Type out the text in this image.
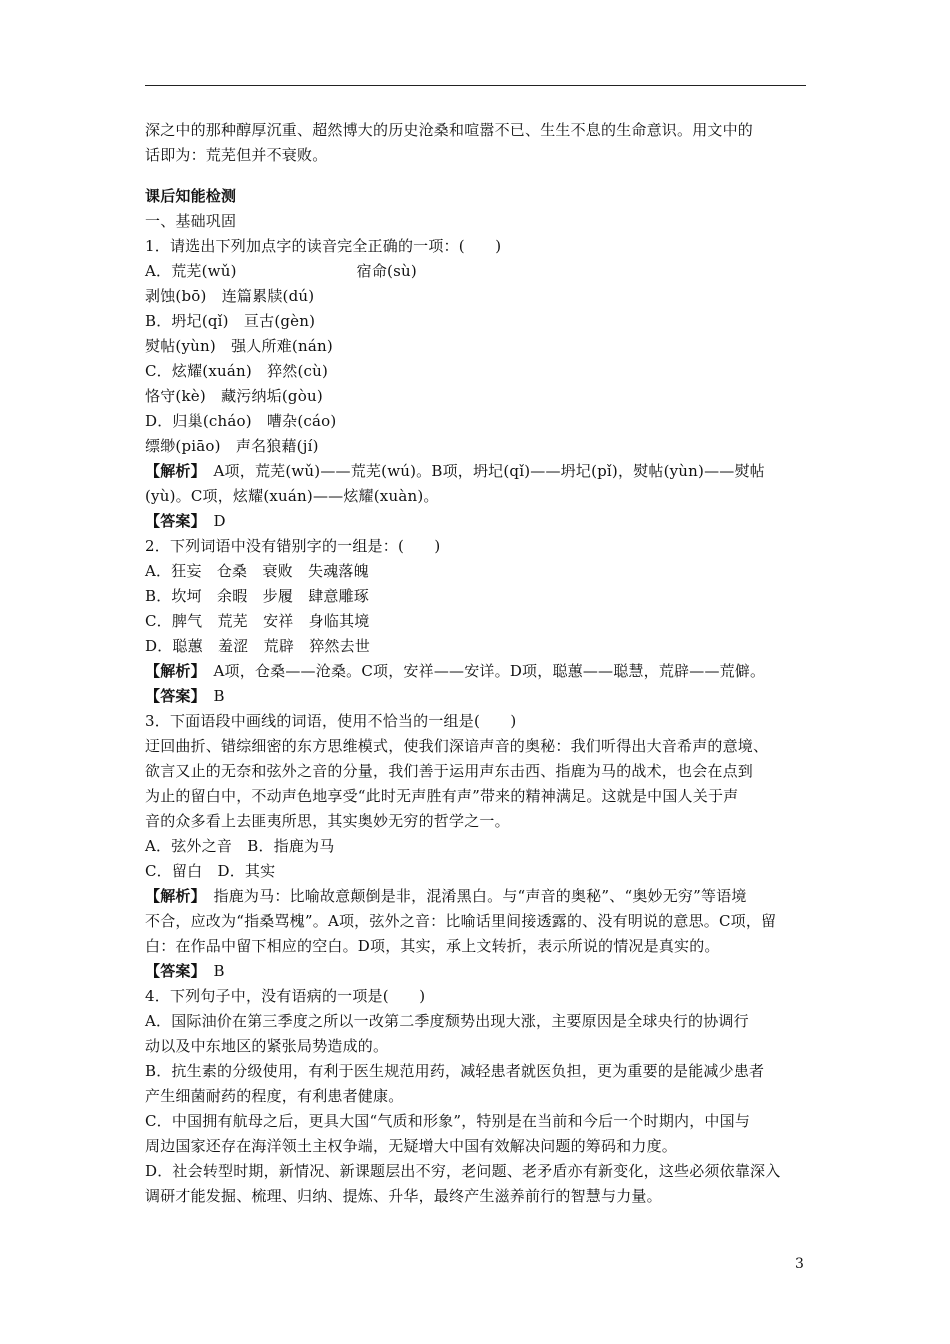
深之中的那种醇厚沉重、超然博大的历史沧桑和喧嚣不已、生生不息的生命意识。用文中的
话即为：荒芜但并不衰败。
课后知能检测
一、基础巩固
1．请选出下列加点字的读音完全正确的一项：(　　)
A．荒芜(wǔ)	宿命(sù)
剥蚀(bō)　连篇累牍(dú)
B．坍圮(qǐ)　亘古(gèn)
熨帖(yùn)　强人所难(nán)
C．炫耀(xuán)　猝然(cù)
恪守(kè)　藏污纳垢(gòu)
D．归巢(cháo)　嘈杂(cáo)
缥缈(piāo)　声名狼藉(jí)
【解析】　A项，荒芜(wǔ)——荒芜(wú)。B项，坍圮(qǐ)——坍圮(pǐ)，熨帖(yùn)——熨帖
(yù)。C项，炫耀(xuán)——炫耀(xuàn)。
【答案】　D
2．下列词语中没有错别字的一组是：(　　)
A．狂妄　仓桑　衰败　失魂落魄
B．坎坷　余暇　步履　肆意雕琢
C．脾气　荒芜　安祥　身临其境
D．聪蕙　羞涩　荒辟　猝然去世
【解析】　A项，仓桑——沧桑。C项，安祥——安详。D项，聪蕙——聪慧，荒辟——荒僻。
【答案】　B
3．下面语段中画线的词语，使用不恰当的一组是(　　)
迂回曲折、错综细密的东方思维模式，使我们深谙声音的奥秘：我们听得出大音希声的意境、
欲言又止的无奈和弦外之音的分量，我们善于运用声东击西、指鹿为马的战术，也会在点到
为止的留白中，不动声色地享受“此时无声胜有声”带来的精神满足。这就是中国人关于声
音的众多看上去匪夷所思，其实奥妙无穷的哲学之一。
A．弦外之音　B．指鹿为马
C．留白　D．其实
【解析】　指鹿为马：比喻故意颠倒是非，混淆黑白。与“声音的奥秘”、“奥妙无穷”等语境
不合，应改为“指桑骂槐”。A项，弦外之音：比喻话里间接透露的、没有明说的意思。C项，留
白：在作品中留下相应的空白。D项，其实，承上文转折，表示所说的情况是真实的。
【答案】　B
4．下列句子中，没有语病的一项是(　　)
A．国际油价在第三季度之所以一改第二季度颓势出现大涨，主要原因是全球央行的协调行
动以及中东地区的紧张局势造成的。
B．抗生素的分级使用，有利于医生规范用药，减轻患者就医负担，更为重要的是能减少患者
产生细菌耐药的程度，有利患者健康。
C．中国拥有航母之后，更具大国“气质和形象”，特别是在当前和今后一个时期内，中国与
周边国家还存在海洋领土主权争端，无疑增大中国有效解决问题的筹码和力度。
D．社会转型时期，新情况、新课题层出不穷，老问题、老矛盾亦有新变化，这些必须依靠深入
调研才能发掘、梳理、归纳、提炼、升华，最终产生滋养前行的智慧与力量。
3
